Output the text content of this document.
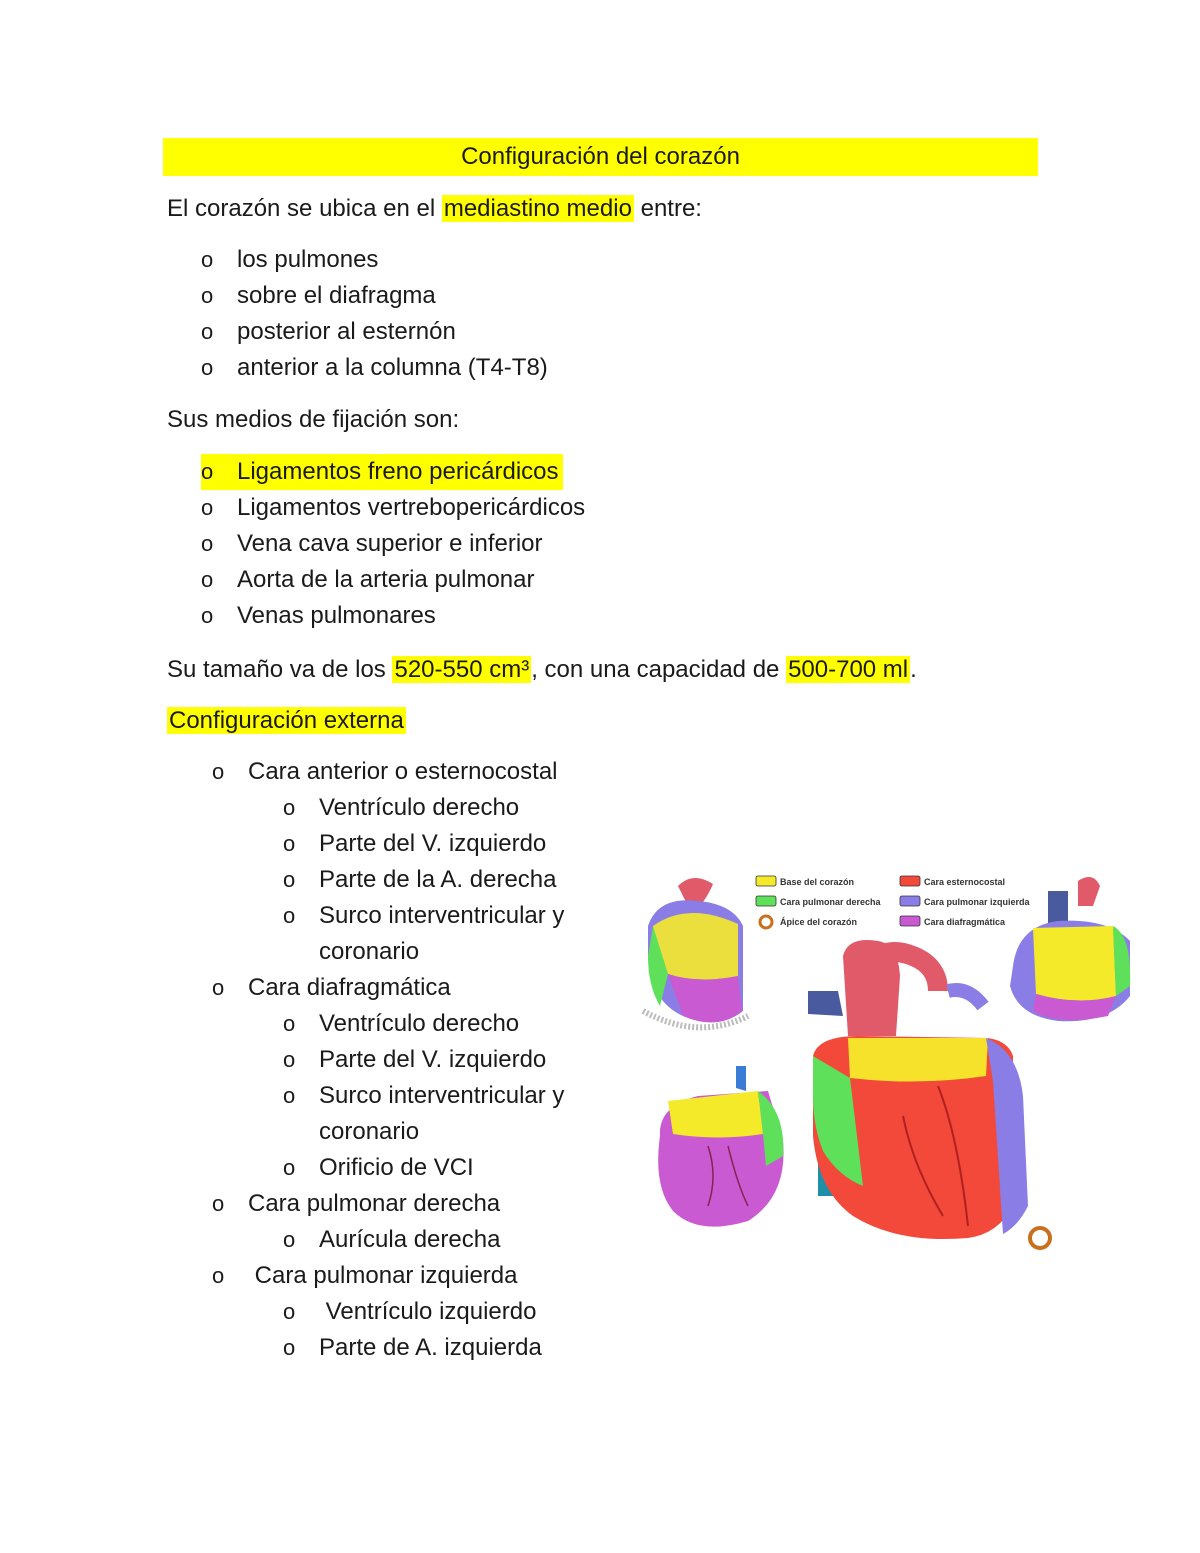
Configuración del corazón
El corazón se ubica en el mediastino medio entre:
o los pulmones
o sobre el diafragma
o posterior al esternón
o anterior a la columna (T4-T8)
Sus medios de fijación son:
o Ligamentos freno pericárdicos
o Ligamentos vertrebopericárdicos
o Vena cava superior e inferior
o Aorta de la arteria pulmonar
o Venas pulmonares
Su tamaño va de los 520-550 cm³, con una capacidad de 500-700 ml.
Configuración externa
o Cara anterior o esternocostal
o Ventrículo derecho
o Parte del V. izquierdo
o Parte de la A. derecha
o Surco interventricular y
coronario
o Cara diafragmática
o Ventrículo derecho
o Parte del V. izquierdo
o Surco interventricular y
coronario
o Orificio de VCI
o Cara pulmonar derecha
o Aurícula derecha
o Cara pulmonar izquierda
o Ventrículo izquierdo
o Parte de A. izquierda
Base del corazón
Cara pulmonar derecha
Ápice del corazón
Cara esternocostal
Cara pulmonar izquierda
Cara diafragmática
